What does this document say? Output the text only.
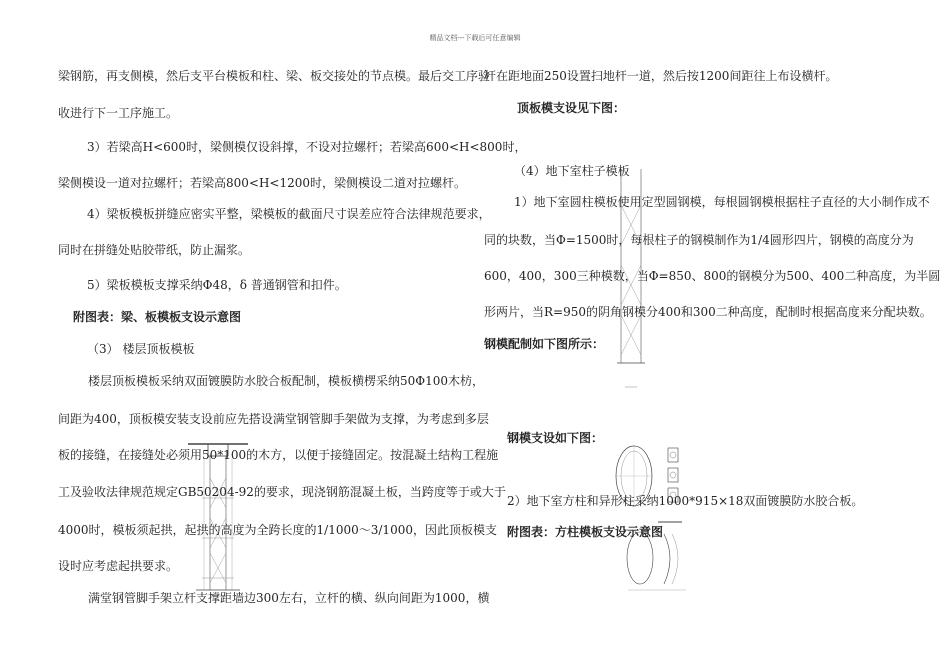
精品文档---下载后可任意编辑
梁钢筋，再支侧模，然后支平台模板和柱、梁、板交接处的节点模。最后交工序验
收进行下一工序施工。
3）若梁高H<600时，梁侧模仅设斜撑，不设对拉螺杆；若梁高600<H<800时，
梁侧模设一道对拉螺杆；若梁高800<H<1200时，梁侧模设二道对拉螺杆。
4）梁板模板拼缝应密实平整，梁模板的截面尺寸误差应符合法律规范要求，
同时在拼缝处贴胶带纸，防止漏浆。
5）梁板模板支撑采纳Φ48，δ 普通钢管和扣件。
附图表：梁、板模板支设示意图
（3） 楼层顶板模板
楼层顶板模板采纳双面镀膜防水胶合板配制，模板横楞采纳50Φ100木枋，
间距为400，顶板模安装支设前应先搭设满堂钢管脚手架做为支撑，为考虑到多层
板的接缝，在接缝处必须用50*100的木方，以便于接缝固定。按混凝土结构工程施
工及验收法律规范规定GB50204-92的要求，现浇钢筋混凝土板，当跨度等于或大于
4000时，模板须起拱，起拱的高度为全跨长度的1/1000～3/1000，因此顶板模支
设时应考虑起拱要求。
满堂钢管脚手架立杆支撑距墙边300左右，立杆的横、纵向间距为1000，横
杆在距地面250设置扫地杆一道，然后按1200间距往上布设横杆。
顶板模支设见下图：
（4）地下室柱子模板
1）地下室圆柱模板使用定型圆钢模，每根圆钢模根据柱子直径的大小制作成不
同的块数，当Φ=1500时，每根柱子的钢模制作为1/4圆形四片，钢模的高度分为
600，400，300三种模数，当Φ=850、800的钢模分为500、400二种高度，为半圆
形两片，当R=950的阴角钢模分400和300二种高度，配制时根据高度来分配块数。
钢模配制如下图所示：
钢模支设如下图：
2）地下室方柱和异形柱采纳1000*915×18双面镀膜防水胶合板。
附图表：方柱模板支设示意图
